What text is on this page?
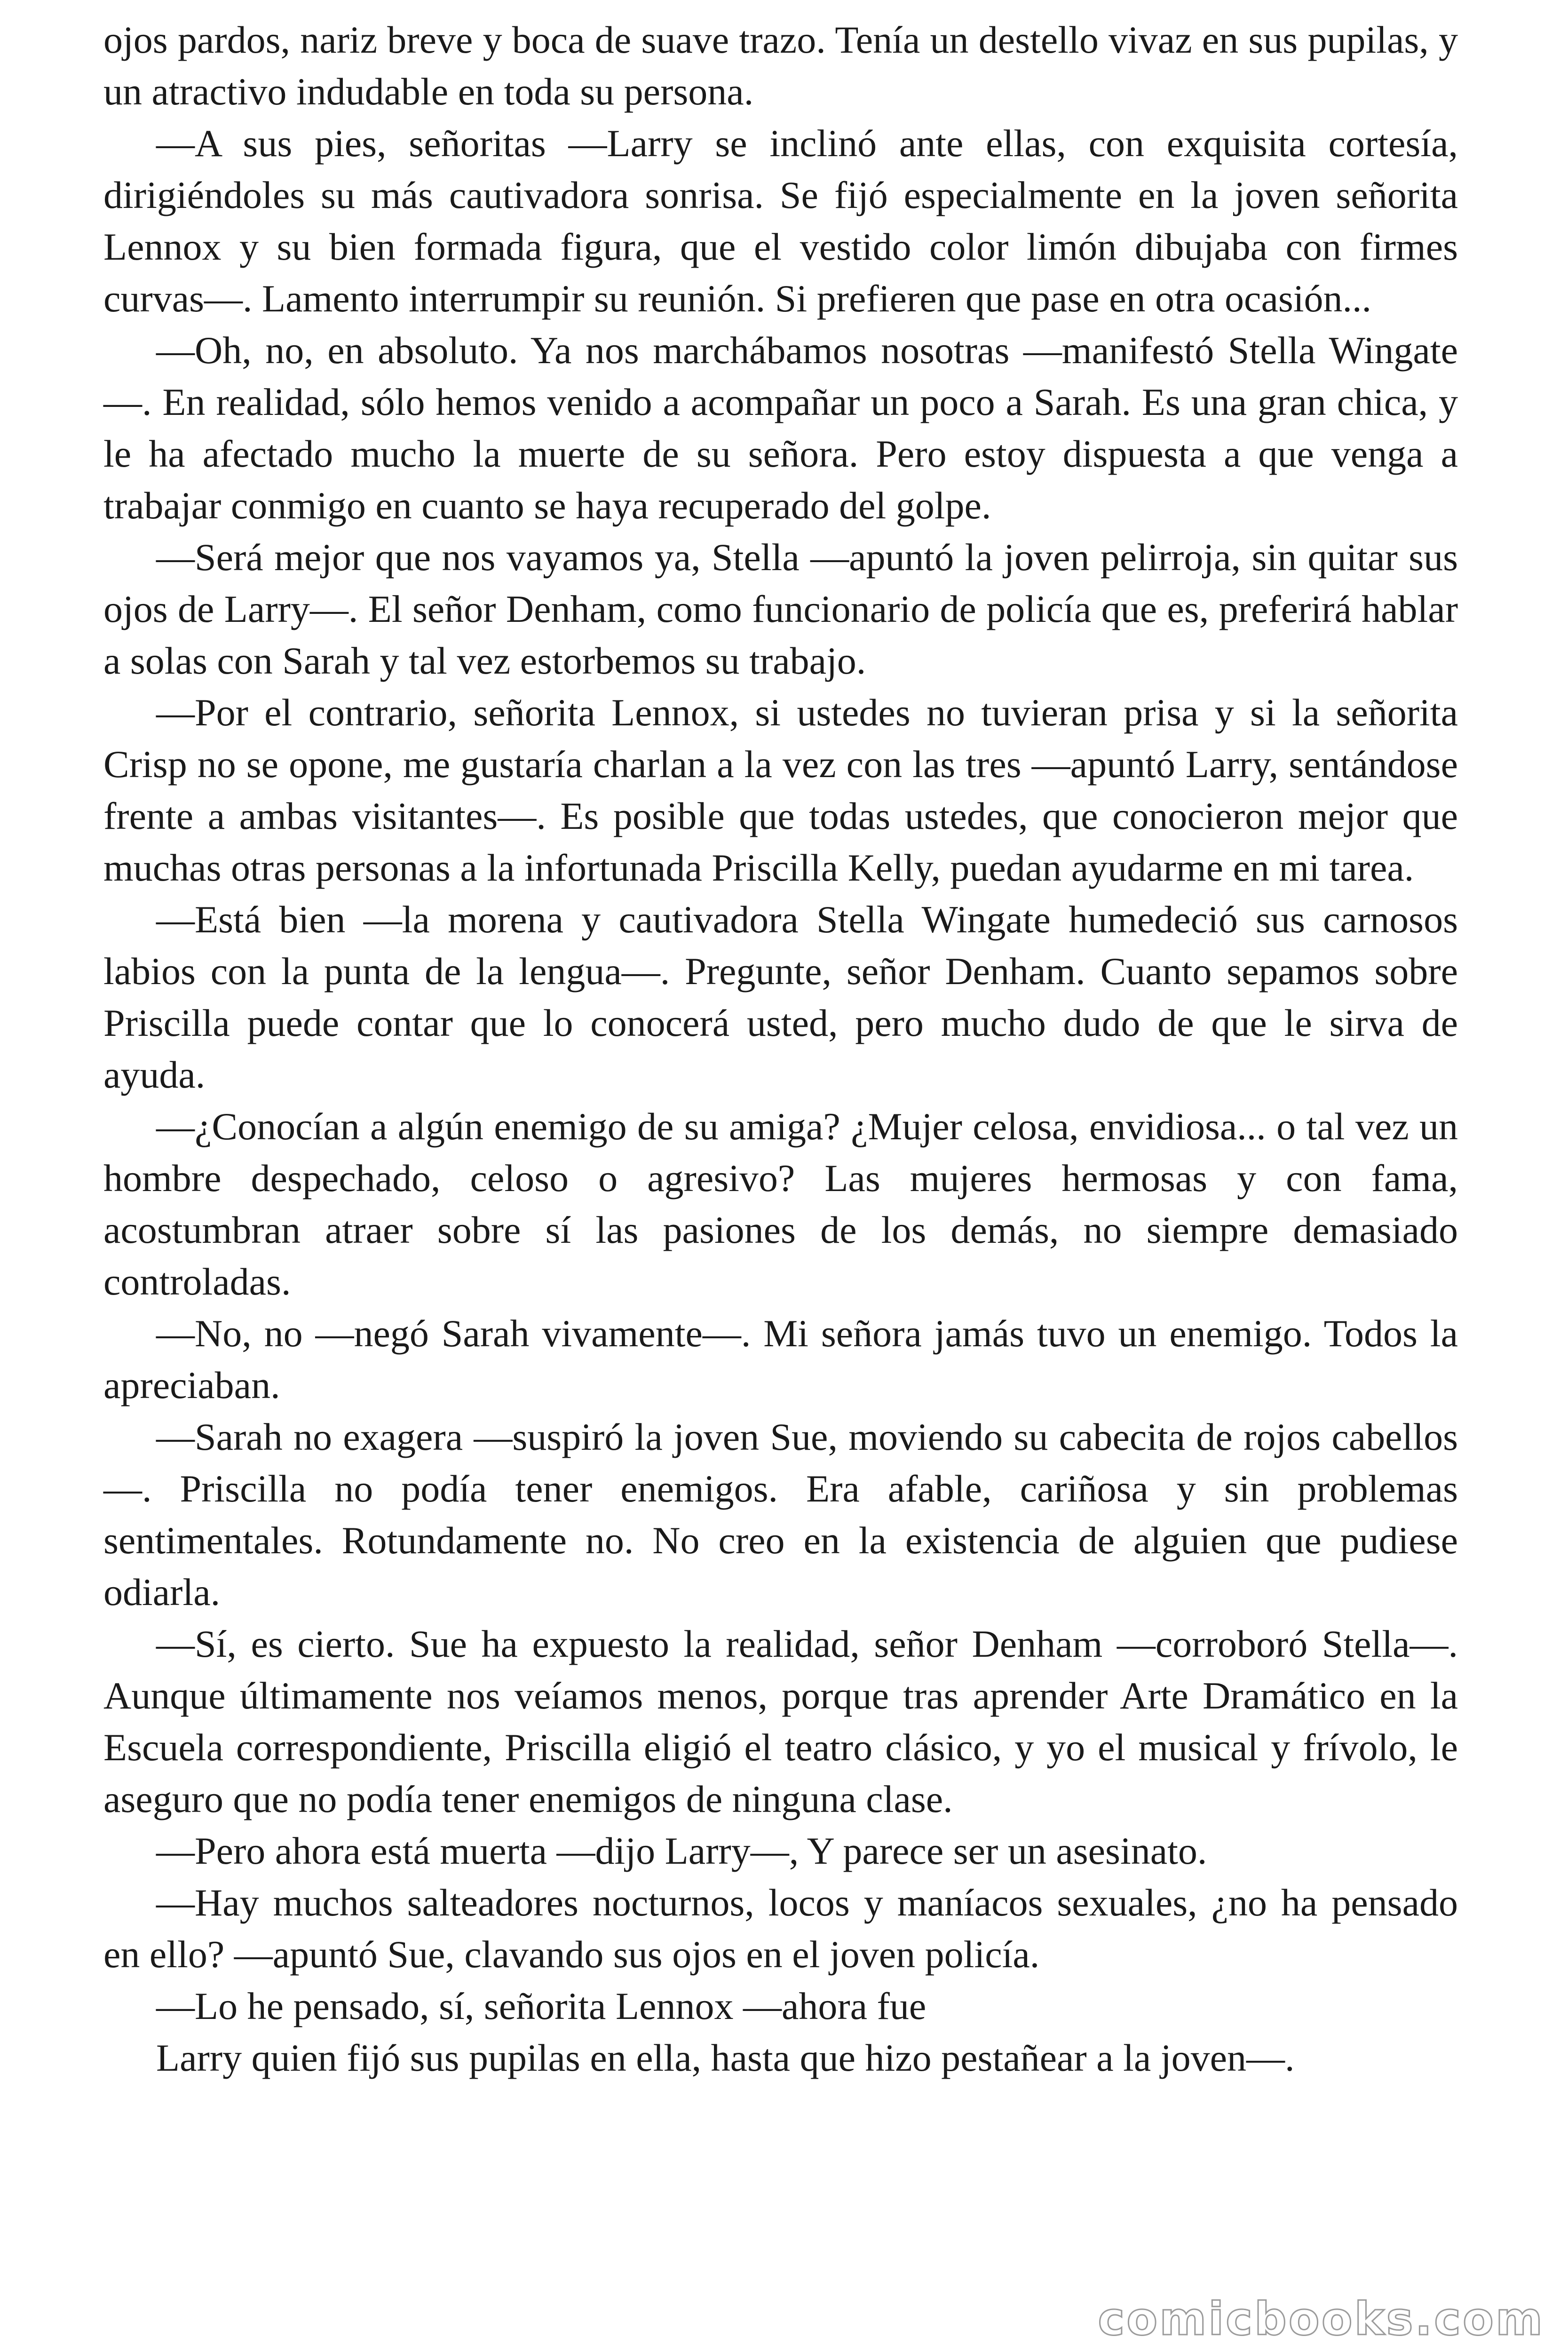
ojos pardos, nariz breve y boca de suave trazo. Tenía un destello vivaz en sus pupilas, y un atractivo indudable en toda su persona.

—A sus pies, señoritas —Larry se inclinó ante ellas, con exquisita cortesía, dirigiéndoles su más cautivadora sonrisa. Se fijó especialmente en la joven señorita Lennox y su bien formada figura, que el vestido color limón dibujaba con firmes curvas—. Lamento interrumpir su reunión. Si prefieren que pase en otra ocasión...

—Oh, no, en absoluto. Ya nos marchábamos nosotras —manifestó Stella Wingate—. En realidad, sólo hemos venido a acompañar un poco a Sarah. Es una gran chica, y le ha afectado mucho la muerte de su señora. Pero estoy dispuesta a que venga a trabajar conmigo en cuanto se haya recuperado del golpe.

—Será mejor que nos vayamos ya, Stella —apuntó la joven pelirroja, sin quitar sus ojos de Larry—. El señor Denham, como funcionario de policía que es, preferirá hablar a solas con Sarah y tal vez estorbemos su trabajo.

—Por el contrario, señorita Lennox, si ustedes no tuvieran prisa y si la señorita Crisp no se opone, me gustaría charlan a la vez con las tres —apuntó Larry, sentándose frente a ambas visitantes—. Es posible que todas ustedes, que conocieron mejor que muchas otras personas a la infortunada Priscilla Kelly, puedan ayudarme en mi tarea.

—Está bien —la morena y cautivadora Stella Wingate humedeció sus carnosos labios con la punta de la lengua—. Pregunte, señor Denham. Cuanto sepamos sobre Priscilla puede contar que lo conocerá usted, pero mucho dudo de que le sirva de ayuda.

—¿Conocían a algún enemigo de su amiga? ¿Mujer celosa, envidiosa... o tal vez un hombre despechado, celoso o agresivo? Las mujeres hermosas y con fama, acostumbran atraer sobre sí las pasiones de los demás, no siempre demasiado controladas.

—No, no —negó Sarah vivamente—. Mi señora jamás tuvo un enemigo. Todos la apreciaban.

—Sarah no exagera —suspiró la joven Sue, moviendo su cabecita de rojos cabellos—. Priscilla no podía tener enemigos. Era afable, cariñosa y sin problemas sentimentales. Rotundamente no. No creo en la existencia de alguien que pudiese odiarla.

—Sí, es cierto. Sue ha expuesto la realidad, señor Denham —corroboró Stella—. Aunque últimamente nos veíamos menos, porque tras aprender Arte Dramático en la Escuela correspondiente, Priscilla eligió el teatro clásico, y yo el musical y frívolo, le aseguro que no podía tener enemigos de ninguna clase.

—Pero ahora está muerta —dijo Larry—, Y parece ser un asesinato.

—Hay muchos salteadores nocturnos, locos y maníacos sexuales, ¿no ha pensado en ello? —apuntó Sue, clavando sus ojos en el joven policía.

—Lo he pensado, sí, señorita Lennox —ahora fue

Larry quien fijó sus pupilas en ella, hasta que hizo pestañear a la joven—.

comicbooks.com
